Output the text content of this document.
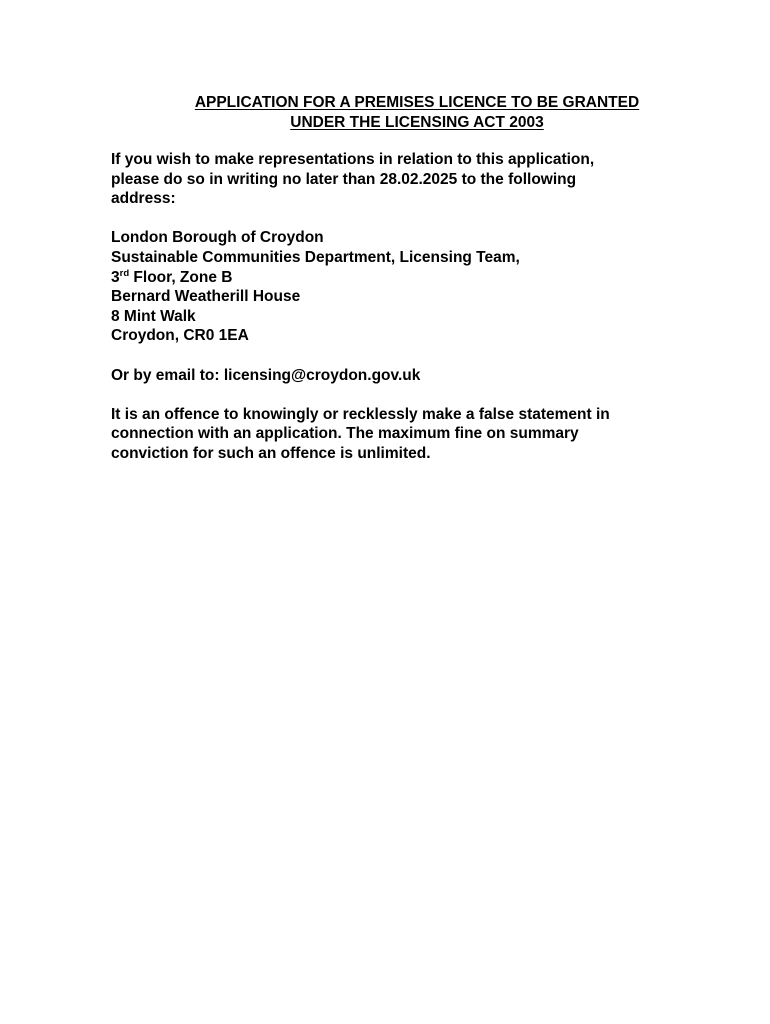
APPLICATION FOR A PREMISES LICENCE TO BE GRANTED
UNDER THE LICENSING ACT 2003

If you wish to make representations in relation to this application,
please do so in writing no later than 28.02.2025 to the following
address:

London Borough of Croydon
Sustainable Communities Department, Licensing Team,
3rd Floor, Zone B
Bernard Weatherill House
8 Mint Walk
Croydon, CR0 1EA

Or by email to: licensing@croydon.gov.uk

It is an offence to knowingly or recklessly make a false statement in
connection with an application. The maximum fine on summary
conviction for such an offence is unlimited.
